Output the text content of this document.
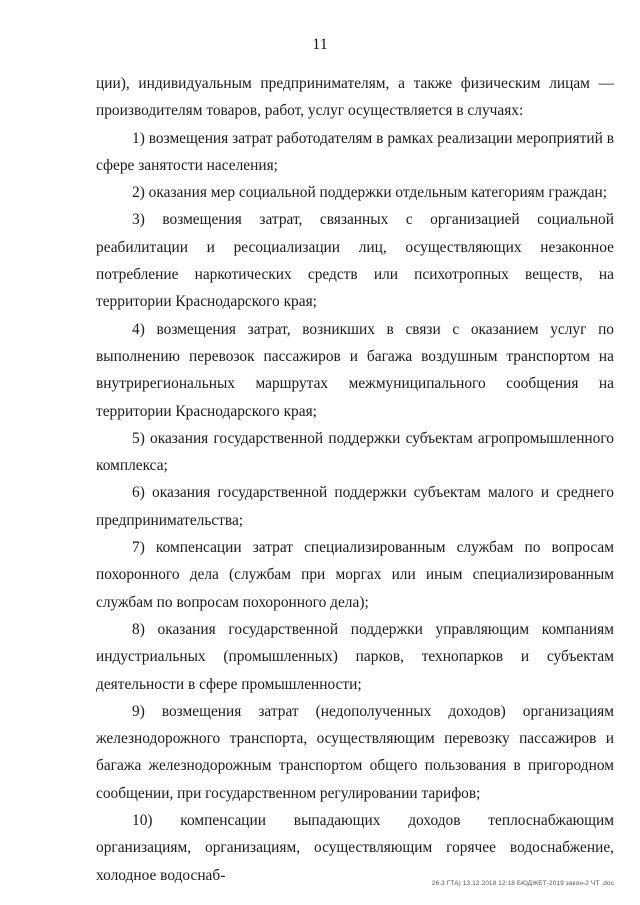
11

ции), индивидуальным предпринимателям, а также физическим лицам — производителям товаров, работ, услуг осуществляется в случаях:

1) возмещения затрат работодателям в рамках реализации мероприятий в сфере занятости населения;

2) оказания мер социальной поддержки отдельным категориям граждан;

3) возмещения затрат, связанных с организацией социальной реабилитации и ресоциализации лиц, осуществляющих незаконное потребление наркотических средств или психотропных веществ, на территории Краснодарского края;

4) возмещения затрат, возникших в связи с оказанием услуг по выполнению перевозок пассажиров и багажа воздушным транспортом на внутрирегиональных маршрутах межмуниципального сообщения на территории Краснодарского края;

5) оказания государственной поддержки субъектам агропромышленного комплекса;

6) оказания государственной поддержки субъектам малого и среднего предпринимательства;

7) компенсации затрат специализированным службам по вопросам похоронного дела (службам при моргах или иным специализированным службам по вопросам похоронного дела);

8) оказания государственной поддержки управляющим компаниям индустриальных (промышленных) парков, технопарков и субъектам деятельности в сфере промышленности;

9) возмещения затрат (недополученных доходов) организациям железнодорожного транспорта, осуществляющим перевозку пассажиров и багажа железнодорожным транспортом общего пользования в пригородном сообщении, при государственном регулировании тарифов;

10) компенсации выпадающих доходов теплоснабжающим организациям, организациям, осуществляющим горячее водоснабжение, холодное водоснаб-	26.3 ГТА) 13.12.2018 12:18 БЮДЖЕТ-2019 закон-2 ЧТ .doc
